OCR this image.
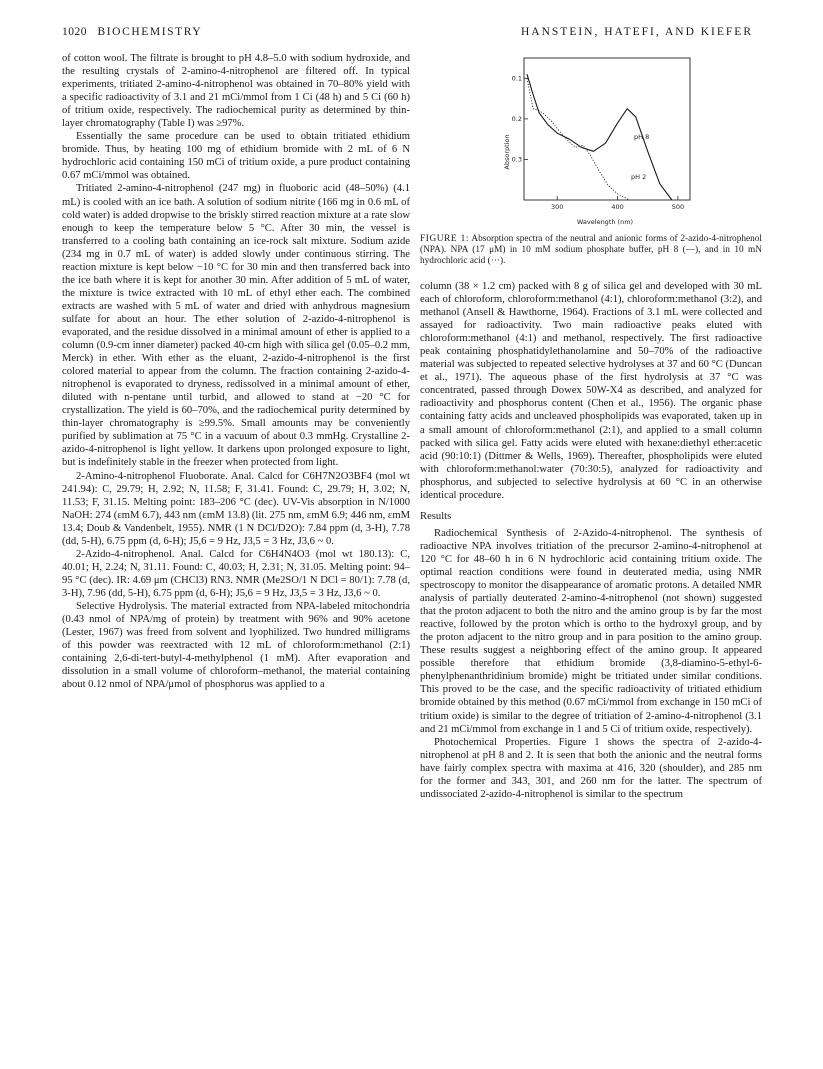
1020 BIOCHEMISTRY	HANSTEIN, HATEFI, AND KIEFER

of cotton wool. The filtrate is brought to pH 4.8–5.0 with sodium hydroxide, and the resulting crystals of 2-amino-4-nitrophenol are filtered off. In typical experiments, tritiated 2-amino-4-nitrophenol was obtained in 70–80% yield with a specific radioactivity of 3.1 and 21 mCi/mmol from 1 Ci (48 h) and 5 Ci (60 h) of tritium oxide, respectively. The radiochemical purity as determined by thin-layer chromatography (Table I) was ≥97%.

Essentially the same procedure can be used to obtain tritiated ethidium bromide. Thus, by heating 100 mg of ethidium bromide with 2 mL of 6 N hydrochloric acid containing 150 mCi of tritium oxide, a pure product containing 0.67 mCi/mmol was obtained.

Tritiated 2-amino-4-nitrophenol (247 mg) in fluoboric acid (48–50%) (4.1 mL) is cooled with an ice bath. A solution of sodium nitrite (166 mg in 0.6 mL of cold water) is added dropwise to the briskly stirred reaction mixture at a rate slow enough to keep the temperature below 5 °C. After 30 min, the vessel is transferred to a cooling bath containing an ice-rock salt mixture. Sodium azide (234 mg in 0.7 mL of water) is added slowly under continuous stirring. The reaction mixture is kept below −10 °C for 30 min and then transferred back into the ice bath where it is kept for another 30 min. After addition of 5 mL of water, the mixture is twice extracted with 10 mL of ethyl ether each. The combined extracts are washed with 5 mL of water and dried with anhydrous magnesium sulfate for about an hour. The ether solution of 2-azido-4-nitrophenol is evaporated, and the residue dissolved in a minimal amount of ether is applied to a column (0.9-cm inner diameter) packed 40-cm high with silica gel (0.05–0.2 mm, Merck) in ether. With ether as the eluant, 2-azido-4-nitrophenol is the first colored material to appear from the column. The fraction containing 2-azido-4-nitrophenol is evaporated to dryness, redissolved in a minimal amount of ether, diluted with n-pentane until turbid, and allowed to stand at −20 °C for crystallization. The yield is 60–70%, and the radiochemical purity determined by thin-layer chromatography is ≥99.5%. Small amounts may be conveniently purified by sublimation at 75 °C in a vacuum of about 0.3 mmHg. Crystalline 2-azido-4-nitrophenol is light yellow. It darkens upon prolonged exposure to light, but is indefinitely stable in the freezer when protected from light.

2-Amino-4-nitrophenol Fluoborate. Anal. Calcd for C6H7N2O3BF4 (mol wt 241.94): C, 29.79; H, 2.92; N, 11.58; F, 31.41. Found: C, 29.79; H, 3.02; N, 11.53; F, 31.15. Melting point: 183–206 °C (dec). UV-Vis absorption in N/1000 NaOH: 274 (εmM 6.7), 443 nm (εmM 13.8) (lit. 275 nm, εmM 6.9; 446 nm, εmM 13.4; Doub & Vandenbelt, 1955). NMR (1 N DCl/D2O): 7.84 ppm (d, 3-H), 7.78 (dd, 5-H), 6.75 ppm (d, 6-H); J5,6 = 9 Hz, J3,5 = 3 Hz, J3,6 ~ 0.

2-Azido-4-nitrophenol. Anal. Calcd for C6H4N4O3 (mol wt 180.13): C, 40.01; H, 2.24; N, 31.11. Found: C, 40.03; H, 2.31; N, 31.05. Melting point: 94–95 °C (dec). IR: 4.69 μm (CHCl3) RN3. NMR (Me2SO/1 N DCl = 80/1): 7.78 (d, 3-H), 7.96 (dd, 5-H), 6.75 ppm (d, 6-H); J5,6 = 9 Hz, J3,5 = 3 Hz, J3,6 ~ 0.

Selective Hydrolysis. The material extracted from NPA-labeled mitochondria (0.43 nmol of NPA/mg of protein) by treatment with 96% and 90% acetone (Lester, 1967) was freed from solvent and lyophilized. Two hundred milligrams of this powder was reextracted with 12 mL of chloroform:methanol (2:1) containing 2,6-di-tert-butyl-4-methylphenol (1 mM). After evaporation and dissolution in a small volume of chloroform–methanol, the material containing about 0.12 nmol of NPA/μmol of phosphorus was applied to a

Absorption
Wavelength (nm)
pH 8
pH 2
0.3
0.2
0.1
300	400	500
FIGURE 1: Absorption spectra of the neutral and anionic forms of 2-azido-4-nitrophenol (NPA). NPA (17 μM) in 10 mM sodium phosphate buffer, pH 8 (—), and in 10 mN hydrochloric acid (···).

column (38 × 1.2 cm) packed with 8 g of silica gel and developed with 30 mL each of chloroform, chloroform:methanol (4:1), chloroform:methanol (3:2), and methanol (Ansell & Hawthorne, 1964). Fractions of 3.1 mL were collected and assayed for radioactivity. Two main radioactive peaks eluted with chloroform:methanol (4:1) and methanol, respectively. The first radioactive peak containing phosphatidylethanolamine and 50–70% of the radioactive material was subjected to repeated selective hydrolyses at 37 and 60 °C (Duncan et al., 1971). The aqueous phase of the first hydrolysis at 37 °C was concentrated, passed through Dowex 50W-X4 as described, and analyzed for radioactivity and phosphorus content (Chen et al., 1956). The organic phase containing fatty acids and uncleaved phospholipids was evaporated, taken up in a small amount of chloroform:methanol (2:1), and applied to a small column packed with silica gel. Fatty acids were eluted with hexane:diethyl ether:acetic acid (90:10:1) (Dittmer & Wells, 1969). Thereafter, phospholipids were eluted with chloroform:methanol:water (70:30:5), analyzed for radioactivity and phosphorus, and subjected to selective hydrolysis at 60 °C in an otherwise identical procedure.

Results

Radiochemical Synthesis of 2-Azido-4-nitrophenol. The synthesis of radioactive NPA involves tritiation of the precursor 2-amino-4-nitrophenol at 120 °C for 48–60 h in 6 N hydrochloric acid containing tritium oxide. The optimal reaction conditions were found in deuterated media, using NMR spectroscopy to monitor the disappearance of aromatic protons. A detailed NMR analysis of partially deuterated 2-amino-4-nitrophenol (not shown) suggested that the proton adjacent to both the nitro and the amino group is by far the most reactive, followed by the proton which is ortho to the hydroxyl group, and by the proton adjacent to the nitro group and in para position to the amino group. These results suggest a neighboring effect of the amino group. It appeared possible therefore that ethidium bromide (3,8-diamino-5-ethyl-6-phenylphenanthridinium bromide) might be tritiated under similar conditions. This proved to be the case, and the specific radioactivity of tritiated ethidium bromide obtained by this method (0.67 mCi/mmol from exchange in 150 mCi of tritium oxide) is similar to the degree of tritiation of 2-amino-4-nitrophenol (3.1 and 21 mCi/mmol from exchange in 1 and 5 Ci of tritium oxide, respectively).

Photochemical Properties. Figure 1 shows the spectra of 2-azido-4-nitrophenol at pH 8 and 2. It is seen that both the anionic and the neutral forms have fairly complex spectra with maxima at 416, 320 (shoulder), and 285 nm for the former and 343, 301, and 260 nm for the latter. The spectrum of undissociated 2-azido-4-nitrophenol is similar to the spectrum
